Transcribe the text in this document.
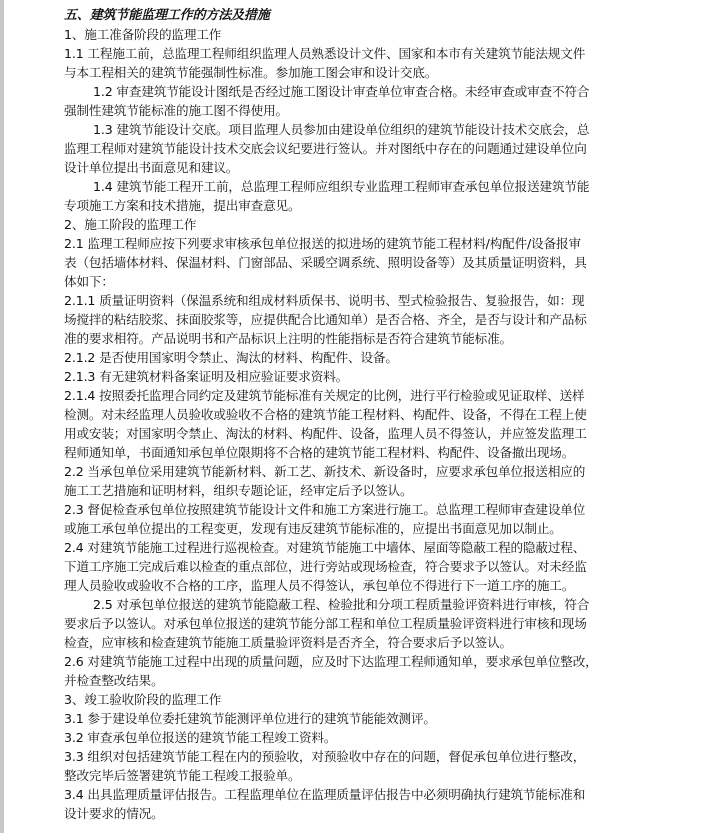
五、建筑节能监理工作的方法及措施
1、施工准备阶段的监理工作
1.1 工程施工前，总监理工程师组织监理人员熟悉设计文件、国家和本市有关建筑节能法规文件
与本工程相关的建筑节能强制性标准。参加施工图会审和设计交底。
1.2 审查建筑节能设计图纸是否经过施工图设计审查单位审查合格。未经审查或审查不符合
强制性建筑节能标准的施工图不得使用。
1.3 建筑节能设计交底。项目监理人员参加由建设单位组织的建筑节能设计技术交底会，总
监理工程师对建筑节能设计技术交底会议纪要进行签认。并对图纸中存在的问题通过建设单位向
设计单位提出书面意见和建议。
1.4 建筑节能工程开工前，总监理工程师应组织专业监理工程师审查承包单位报送建筑节能
专项施工方案和技术措施，提出审查意见。
2、施工阶段的监理工作
2.1 监理工程师应按下列要求审核承包单位报送的拟进场的建筑节能工程材料/构配件/设备报审
表（包括墙体材料、保温材料、门窗部品、采暖空调系统、照明设备等）及其质量证明资料，具
体如下：
2.1.1 质量证明资料（保温系统和组成材料质保书、说明书、型式检验报告、复验报告，如：现
场搅拌的粘结胶浆、抹面胶浆等，应提供配合比通知单）是否合格、齐全，是否与设计和产品标
准的要求相符。产品说明书和产品标识上注明的性能指标是否符合建筑节能标准。
2.1.2 是否使用国家明令禁止、淘汰的材料、构配件、设备。
2.1.3 有无建筑材料备案证明及相应验证要求资料。
2.1.4 按照委托监理合同约定及建筑节能标准有关规定的比例，进行平行检验或见证取样、送样
检测。对未经监理人员验收或验收不合格的建筑节能工程材料、构配件、设备，不得在工程上使
用或安装；对国家明令禁止、淘汰的材料、构配件、设备，监理人员不得签认，并应签发监理工
程师通知单，书面通知承包单位限期将不合格的建筑节能工程材料、构配件、设备撤出现场。
2.2 当承包单位采用建筑节能新材料、新工艺、新技术、新设备时，应要求承包单位报送相应的
施工工艺措施和证明材料，组织专题论证，经审定后予以签认。
2.3 督促检查承包单位按照建筑节能设计文件和施工方案进行施工。总监理工程师审查建设单位
或施工承包单位提出的工程变更，发现有违反建筑节能标准的，应提出书面意见加以制止。
2.4 对建筑节能施工过程进行巡视检查。对建筑节能施工中墙体、屋面等隐蔽工程的隐蔽过程、
下道工序施工完成后难以检查的重点部位，进行旁站或现场检查，符合要求予以签认。对未经监
理人员验收或验收不合格的工序，监理人员不得签认，承包单位不得进行下一道工序的施工。
2.5 对承包单位报送的建筑节能隐蔽工程、检验批和分项工程质量验评资料进行审核，符合
要求后予以签认。对承包单位报送的建筑节能分部工程和单位工程质量验评资料进行审核和现场
检查，应审核和检查建筑节能施工质量验评资料是否齐全，符合要求后予以签认。
2.6 对建筑节能施工过程中出现的质量问题，应及时下达监理工程师通知单，要求承包单位整改，
并检查整改结果。
3、竣工验收阶段的监理工作
3.1 参于建设单位委托建筑节能测评单位进行的建筑节能能效测评。
3.2 审查承包单位报送的建筑节能工程竣工资料。
3.3 组织对包括建筑节能工程在内的预验收，对预验收中存在的问题，督促承包单位进行整改，
整改完毕后签署建筑节能工程竣工报验单。
3.4 出具监理质量评估报告。工程监理单位在监理质量评估报告中必须明确执行建筑节能标准和
设计要求的情况。
